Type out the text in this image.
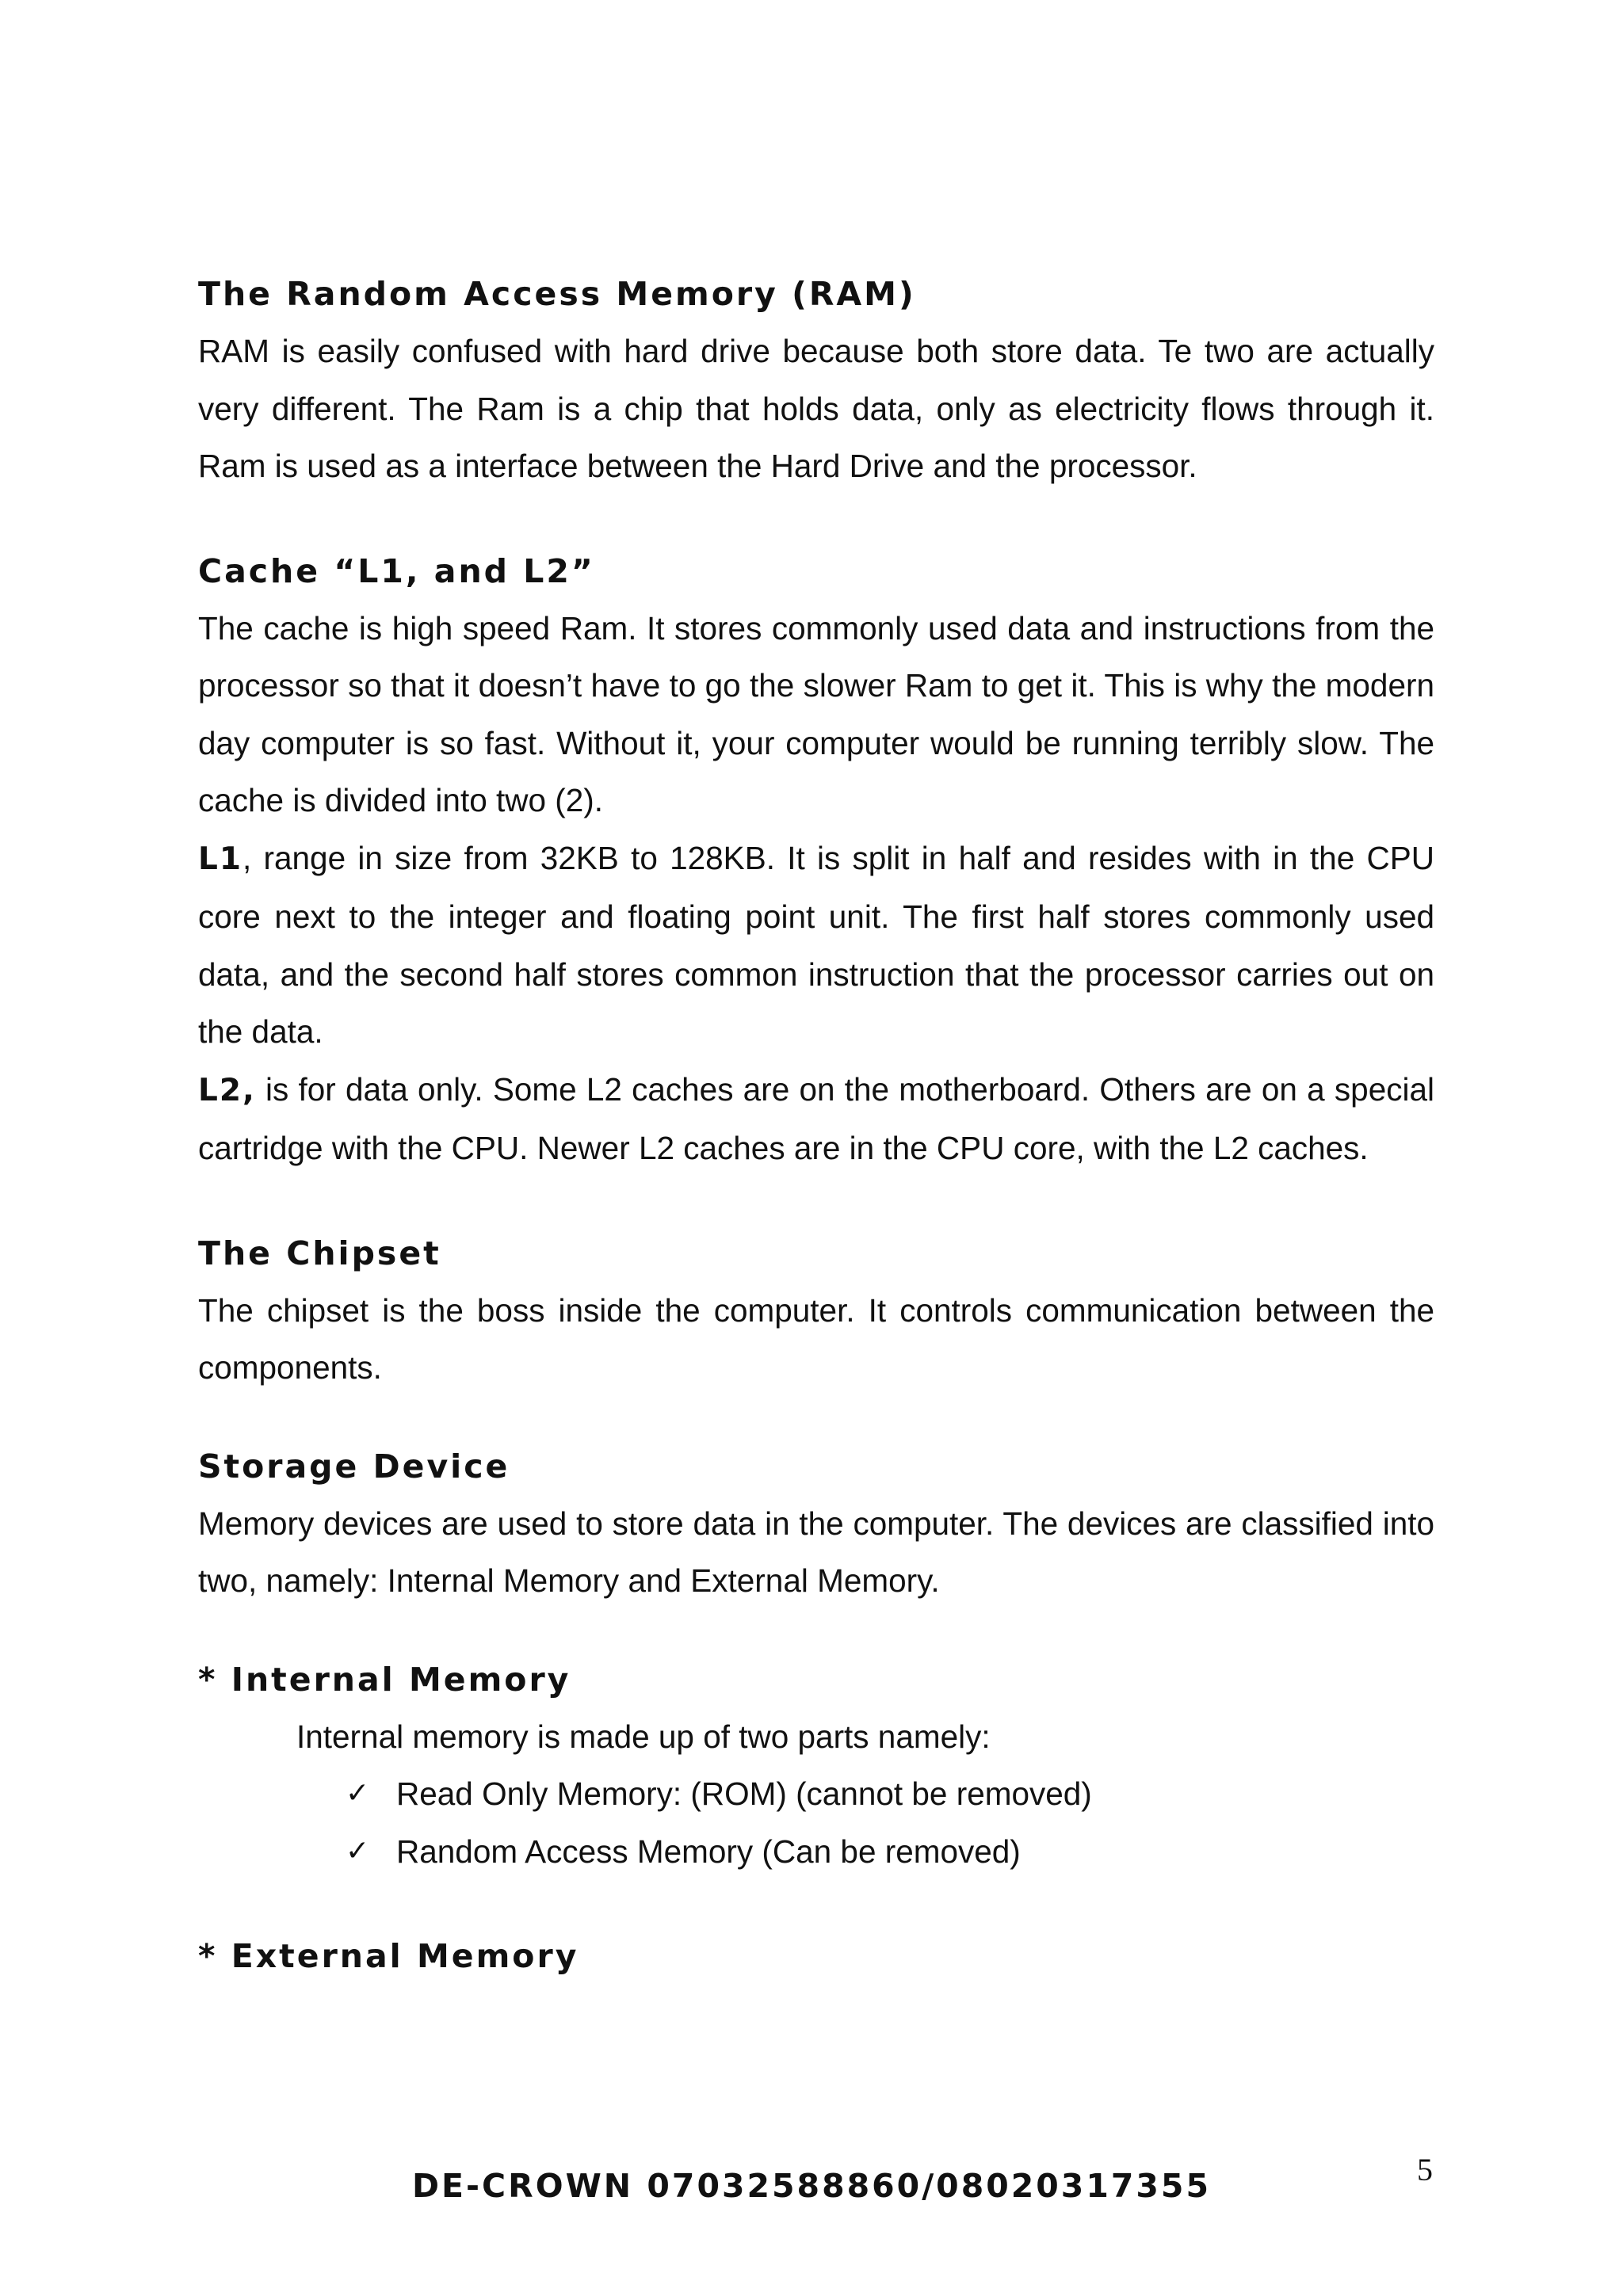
The Random Access Memory (RAM)

RAM is easily confused with hard drive because both store data. Te two are actually very different. The Ram is a chip that holds data, only as electricity flows through it. Ram is used as a interface between the Hard Drive and the processor.

Cache “L1, and L2”

The cache is high speed Ram. It stores commonly used data and instructions from the processor so that it doesn’t have to go the slower Ram to get it. This is why the modern day computer is so fast. Without it, your computer would be running terribly slow. The cache is divided into two (2).

L1, range in size from 32KB to 128KB. It is split in half and resides with in the CPU core next to the integer and floating point unit. The first half stores commonly used data, and the second half stores common instruction that the processor carries out on the data.

L2, is for data only. Some L2 caches are on the motherboard. Others are on a special cartridge with the CPU. Newer L2 caches are in the CPU core, with the L2 caches.

The Chipset

The chipset is the boss inside the computer. It controls communication between the components.

Storage Device

Memory devices are used to store data in the computer. The devices are classified into two, namely: Internal Memory and External Memory.

* Internal Memory

Internal memory is made up of two parts namely:

✓ Read Only Memory: (ROM) (cannot be removed)
✓ Random Access Memory (Can be removed)
* External Memory
DE-CROWN 07032588860/08020317355	5
